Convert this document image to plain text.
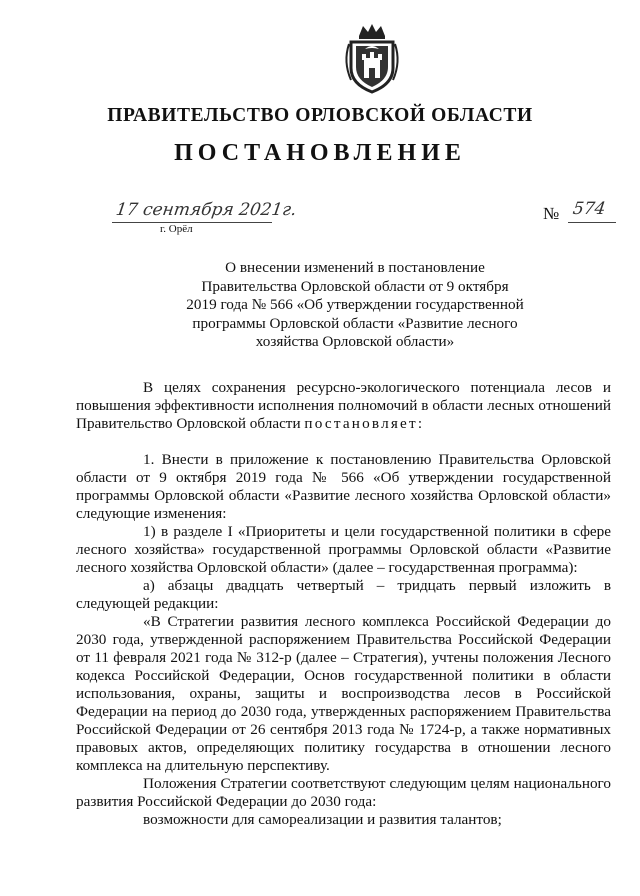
ПРАВИТЕЛЬСТВО ОРЛОВСКОЙ ОБЛАСТИ
ПОСТАНОВЛЕНИЕ
17 сентября 2021г.
г. Орёл
№ 574
О внесении изменений в постановление
Правительства Орловской области от 9 октября
2019 года № 566 «Об утверждении государственной
программы Орловской области «Развитие лесного
хозяйства Орловской области»

В целях сохранения ресурсно-экологического потенциала лесов и повышения эффективности исполнения полномочий в области лесных отношений Правительство Орловской области постановляет:

1. Внести в приложение к постановлению Правительства Орловской области от 9 октября 2019 года № 566 «Об утверждении государственной программы Орловской области «Развитие лесного хозяйства Орловской области» следующие изменения:

1) в разделе I «Приоритеты и цели государственной политики в сфере лесного хозяйства» государственной программы Орловской области «Развитие лесного хозяйства Орловской области» (далее – государственная программа):

а) абзацы двадцать четвертый – тридцать первый изложить в следующей редакции:

«В Стратегии развития лесного комплекса Российской Федерации до 2030 года, утвержденной распоряжением Правительства Российской Федерации от 11 февраля 2021 года № 312-р (далее – Стратегия), учтены положения Лесного кодекса Российской Федерации, Основ государственной политики в области использования, охраны, защиты и воспроизводства лесов в Российской Федерации на период до 2030 года, утвержденных распоряжением Правительства Российской Федерации от 26 сентября 2013 года № 1724-р, а также нормативных правовых актов, определяющих политику государства в отношении лесного комплекса на длительную перспективу.

Положения Стратегии соответствуют следующим целям национального развития Российской Федерации до 2030 года:

возможности для самореализации и развития талантов;
